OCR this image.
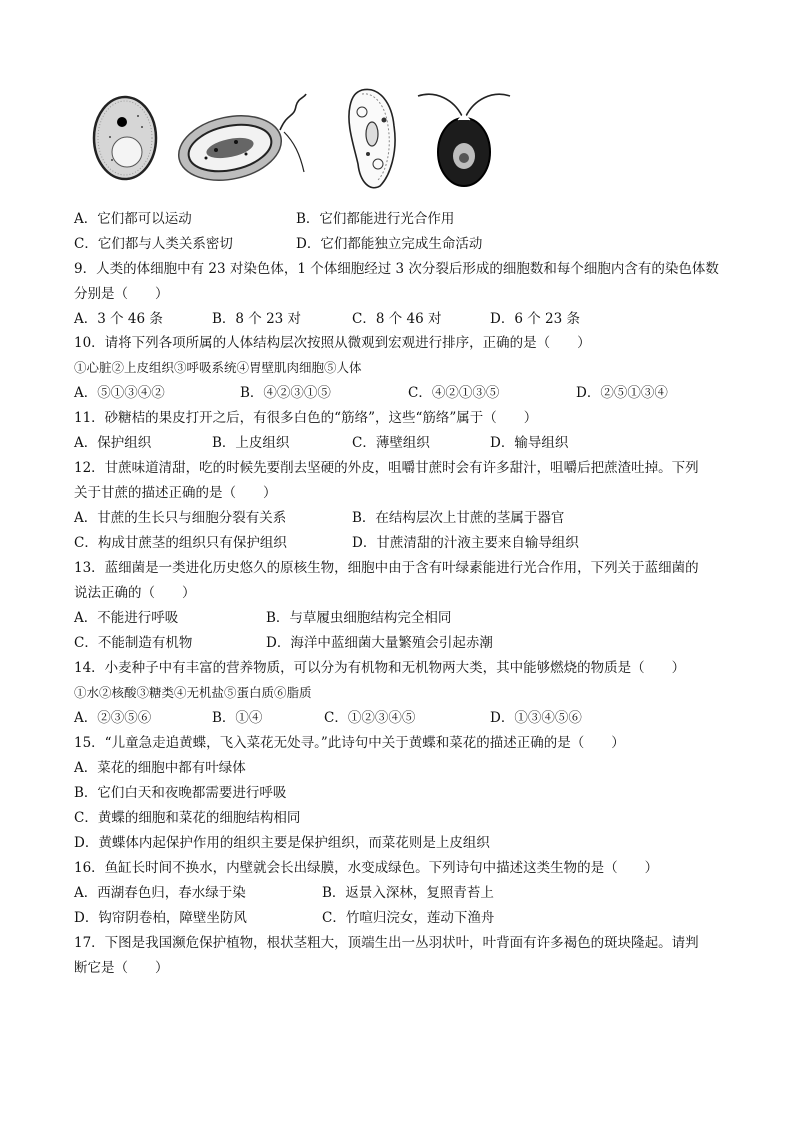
A．它们都可以运动	B．它们都能进行光合作用
C．它们都与人类关系密切	D．它们都能独立完成生命活动
9．人类的体细胞中有 23 对染色体，1 个体细胞经过 3 次分裂后形成的细胞数和每个细胞内含有的染色体数
分别是（　　）
A．3 个 46 条	B．8 个 23 对	C．8 个 46 对	D．6 个 23 条
10．请将下列各项所属的人体结构层次按照从微观到宏观进行排序，正确的是（　　）
①心脏②上皮组织③呼吸系统④胃壁肌肉细胞⑤人体
A．⑤①③④②	B．④②③①⑤	C．④②①③⑤	D．②⑤①③④
11．砂糖桔的果皮打开之后，有很多白色的“筋络”，这些“筋络”属于（　　）
A．保护组织	B．上皮组织	C．薄壁组织	D．输导组织
12．甘蔗味道清甜，吃的时候先要削去坚硬的外皮，咀嚼甘蔗时会有许多甜汁，咀嚼后把蔗渣吐掉。下列
关于甘蔗的描述正确的是（　　）
A．甘蔗的生长只与细胞分裂有关系	B．在结构层次上甘蔗的茎属于器官
C．构成甘蔗茎的组织只有保护组织	D．甘蔗清甜的汁液主要来自输导组织
13．蓝细菌是一类进化历史悠久的原核生物，细胞中由于含有叶绿素能进行光合作用，下列关于蓝细菌的
说法正确的（　　）
A．不能进行呼吸	B．与草履虫细胞结构完全相同
C．不能制造有机物	D．海洋中蓝细菌大量繁殖会引起赤潮
14．小麦种子中有丰富的营养物质，可以分为有机物和无机物两大类，其中能够燃烧的物质是（　　）
①水②核酸③糖类④无机盐⑤蛋白质⑥脂质
A．②③⑤⑥	B．①④	C．①②③④⑤	D．①③④⑤⑥
15．“儿童急走追黄蝶，飞入菜花无处寻。”此诗句中关于黄蝶和菜花的描述正确的是（　　）
A．菜花的细胞中都有叶绿体
B．它们白天和夜晚都需要进行呼吸
C．黄蝶的细胞和菜花的细胞结构相同
D．黄蝶体内起保护作用的组织主要是保护组织，而菜花则是上皮组织
16．鱼缸长时间不换水，内壁就会长出绿膜，水变成绿色。下列诗句中描述这类生物的是（　　）
A．西湖春色归，春水绿于染	B．返景入深林，复照青苔上
D．钩帘阴卷柏，障壁坐防风	C．竹喧归浣女，莲动下渔舟
17．下图是我国濒危保护植物，根状茎粗大，顶端生出一丛羽状叶，叶背面有许多褐色的斑块隆起。请判
断它是（　　）
